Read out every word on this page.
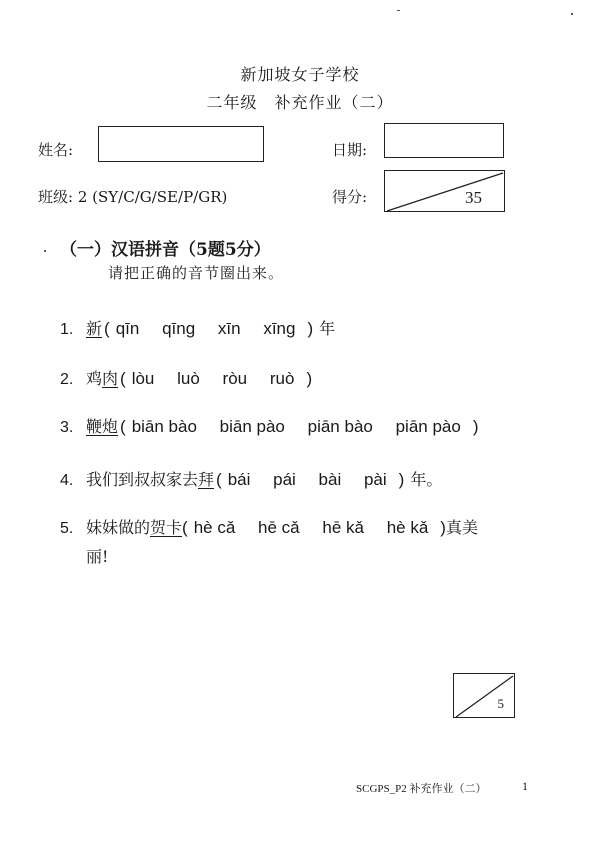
新加坡女子学校
二年级　补充作业（二）
姓名:	日期:
班级: 2 (SY/C/G/SE/P/GR)	得分:	35
（一）汉语拼音（5题5分）
请把正确的音节圈出来。
1. 新 ( qīn qīng xīn xīng ) 年
2. 鸡 肉 ( lòu luò ròu ruò )
3. 鞭炮 ( biān bào biān pào piān bào piān pào )
4. 我们到叔叔家去 拜 ( bái pái bài pài ) 年。
5. 妹妹做的 贺卡 ( hè cǎ hē cǎ hē kǎ hè kǎ ) 真美
丽!
5
SCGPS_P2 补充作业（二）	1
